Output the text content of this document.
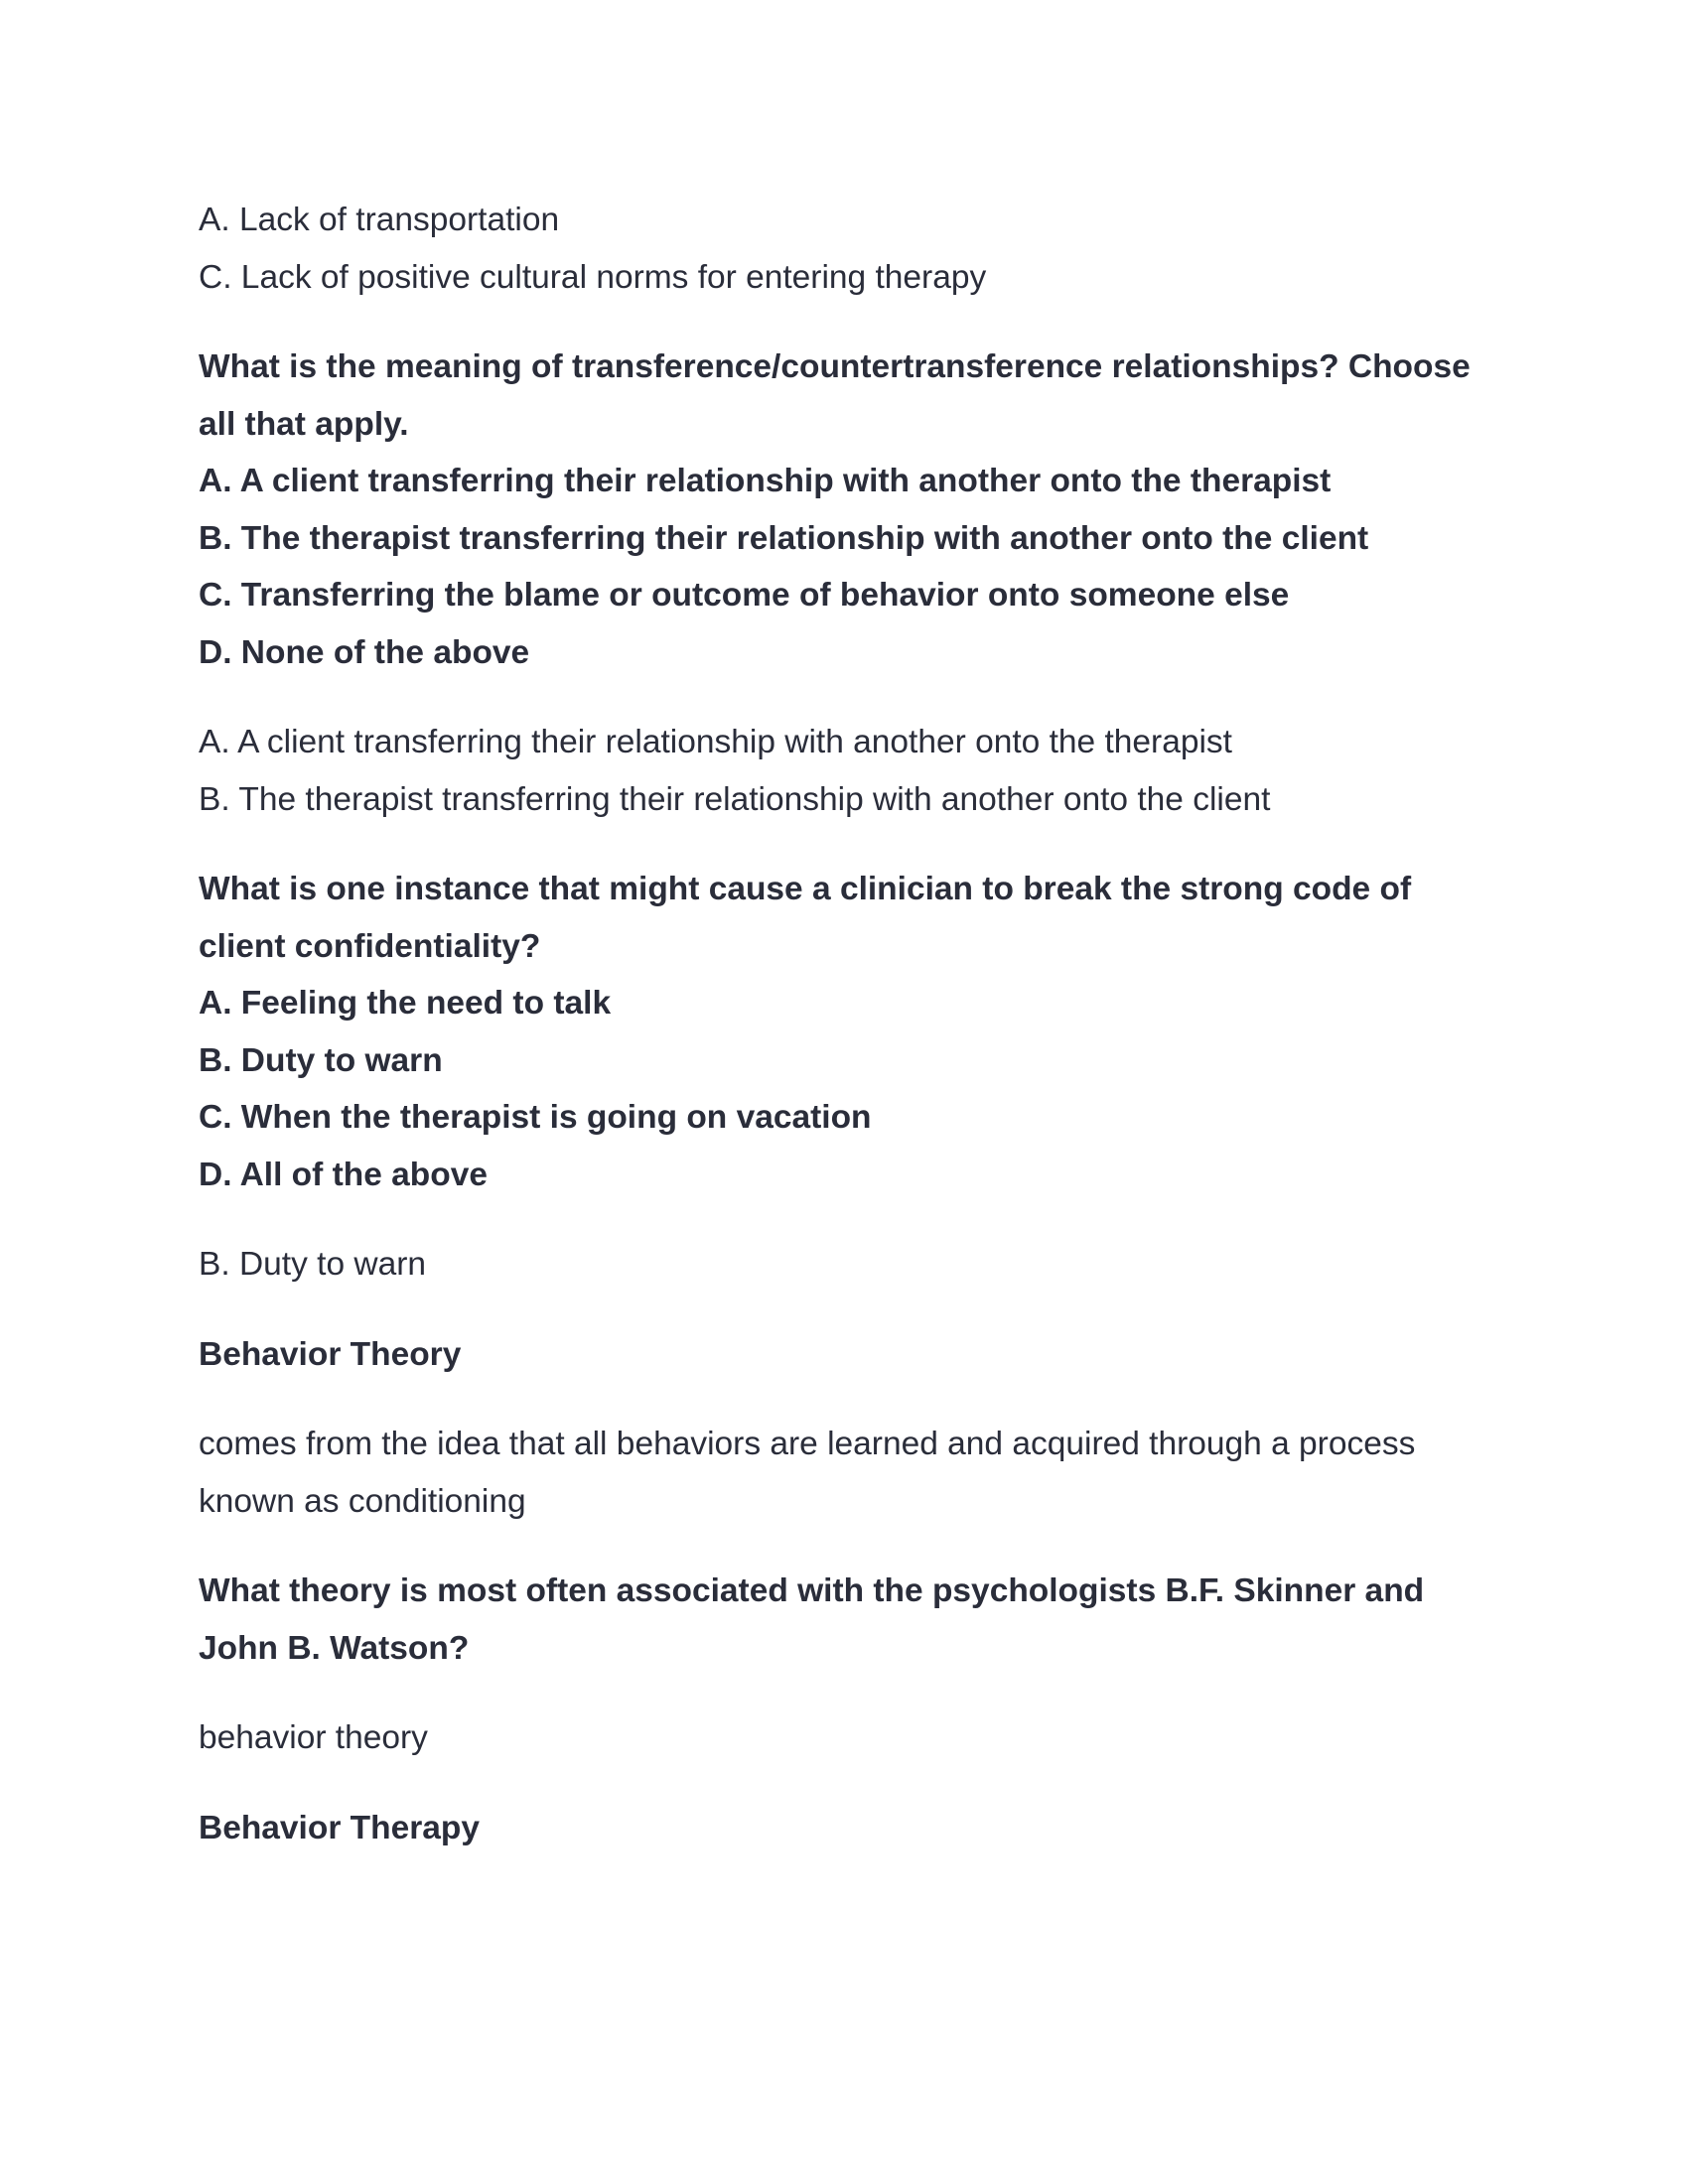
A. Lack of transportation

C. Lack of positive cultural norms for entering therapy

What is the meaning of transference/countertransference relationships? Choose

all that apply.

A. A client transferring their relationship with another onto the therapist

B. The therapist transferring their relationship with another onto the client

C. Transferring the blame or outcome of behavior onto someone else

D. None of the above

A. A client transferring their relationship with another onto the therapist

B. The therapist transferring their relationship with another onto the client

What is one instance that might cause a clinician to break the strong code of

client confidentiality?

A. Feeling the need to talk

B. Duty to warn

C. When the therapist is going on vacation

D. All of the above

B. Duty to warn

Behavior Theory

comes from the idea that all behaviors are learned and acquired through a process

known as conditioning

What theory is most often associated with the psychologists B.F. Skinner and

John B. Watson?

behavior theory

Behavior Therapy
